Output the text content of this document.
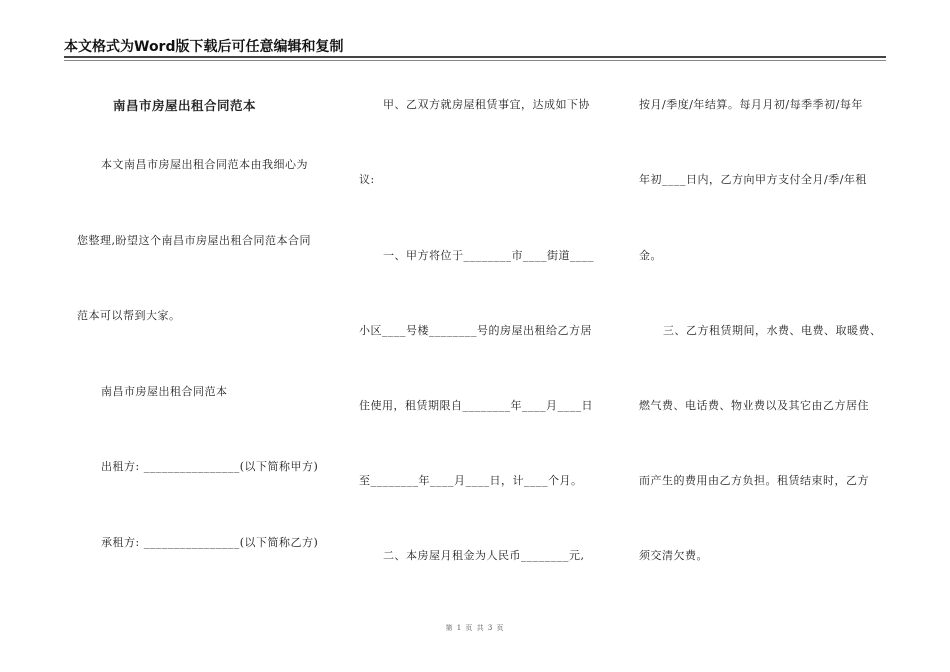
本文格式为Word版下载后可任意编辑和复制
南昌市房屋出租合同范本
本文南昌市房屋出租合同范本由我细心为
您整理,盼望这个南昌市房屋出租合同范本合同
范本可以帮到大家。
南昌市房屋出租合同范本
出租方: ________________(以下简称甲方)
承租方: ________________(以下简称乙方)
甲、乙双方就房屋租赁事宜，达成如下协
议:
一、甲方将位于________市____街道____
小区____号楼________号的房屋出租给乙方居
住使用，租赁期限自________年____月____日
至________年____月____日，计____个月。
二、本房屋月租金为人民币________元,
按月/季度/年结算。每月月初/每季季初/每年
年初____日内，乙方向甲方支付全月/季/年租
金。
三、乙方租赁期间，水费、电费、取暖费、
燃气费、电话费、物业费以及其它由乙方居住
而产生的费用由乙方负担。租赁结束时，乙方
须交清欠费。
第 1 页 共 3 页
